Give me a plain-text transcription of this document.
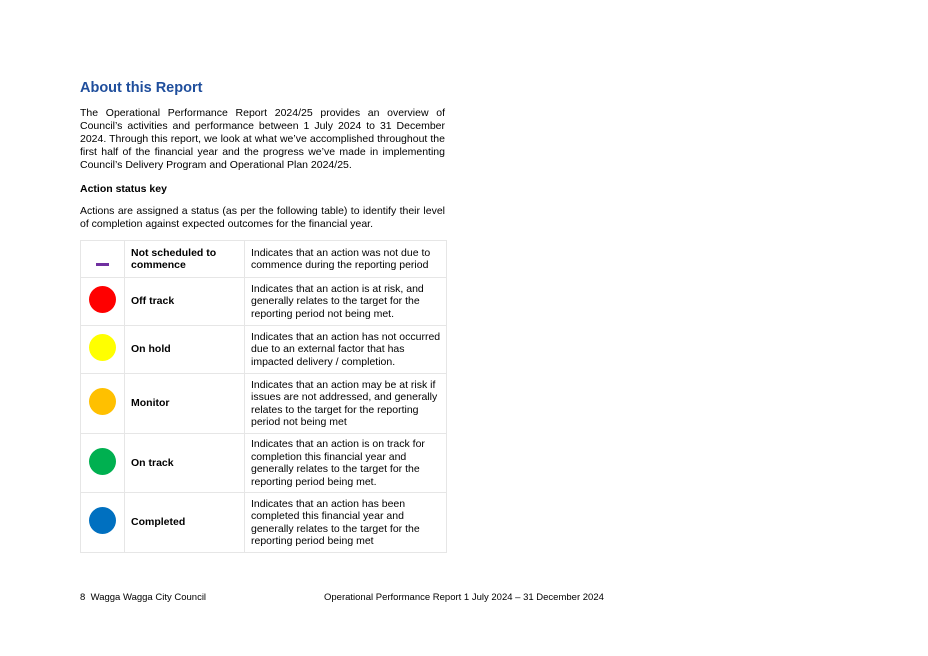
About this Report
The Operational Performance Report 2024/25 provides an overview of Council’s activities and performance between 1 July 2024 to 31 December 2024. Through this report, we look at what we’ve accomplished throughout the first half of the financial year and the progress we’ve made in implementing Council’s Delivery Program and Operational Plan 2024/25.
Action status key
Actions are assigned a status (as per the following table) to identify their level of completion against expected outcomes for the financial year.
	Not scheduled to commence	Indicates that an action was not due to commence during the reporting period
	Off track	Indicates that an action is at risk, and generally relates to the target for the reporting period not being met.
	On hold	Indicates that an action has not occurred due to an external factor that has impacted delivery / completion.
	Monitor	Indicates that an action may be at risk if issues are not addressed, and generally relates to the target for the reporting period not being met
	On track	Indicates that an action is on track for completion this financial year and generally relates to the target for the reporting period being met.
	Completed	Indicates that an action has been completed this financial year and generally relates to the target for the reporting period being met
8 Wagga Wagga City Council	Operational Performance Report 1 July 2024 – 31 December 2024
